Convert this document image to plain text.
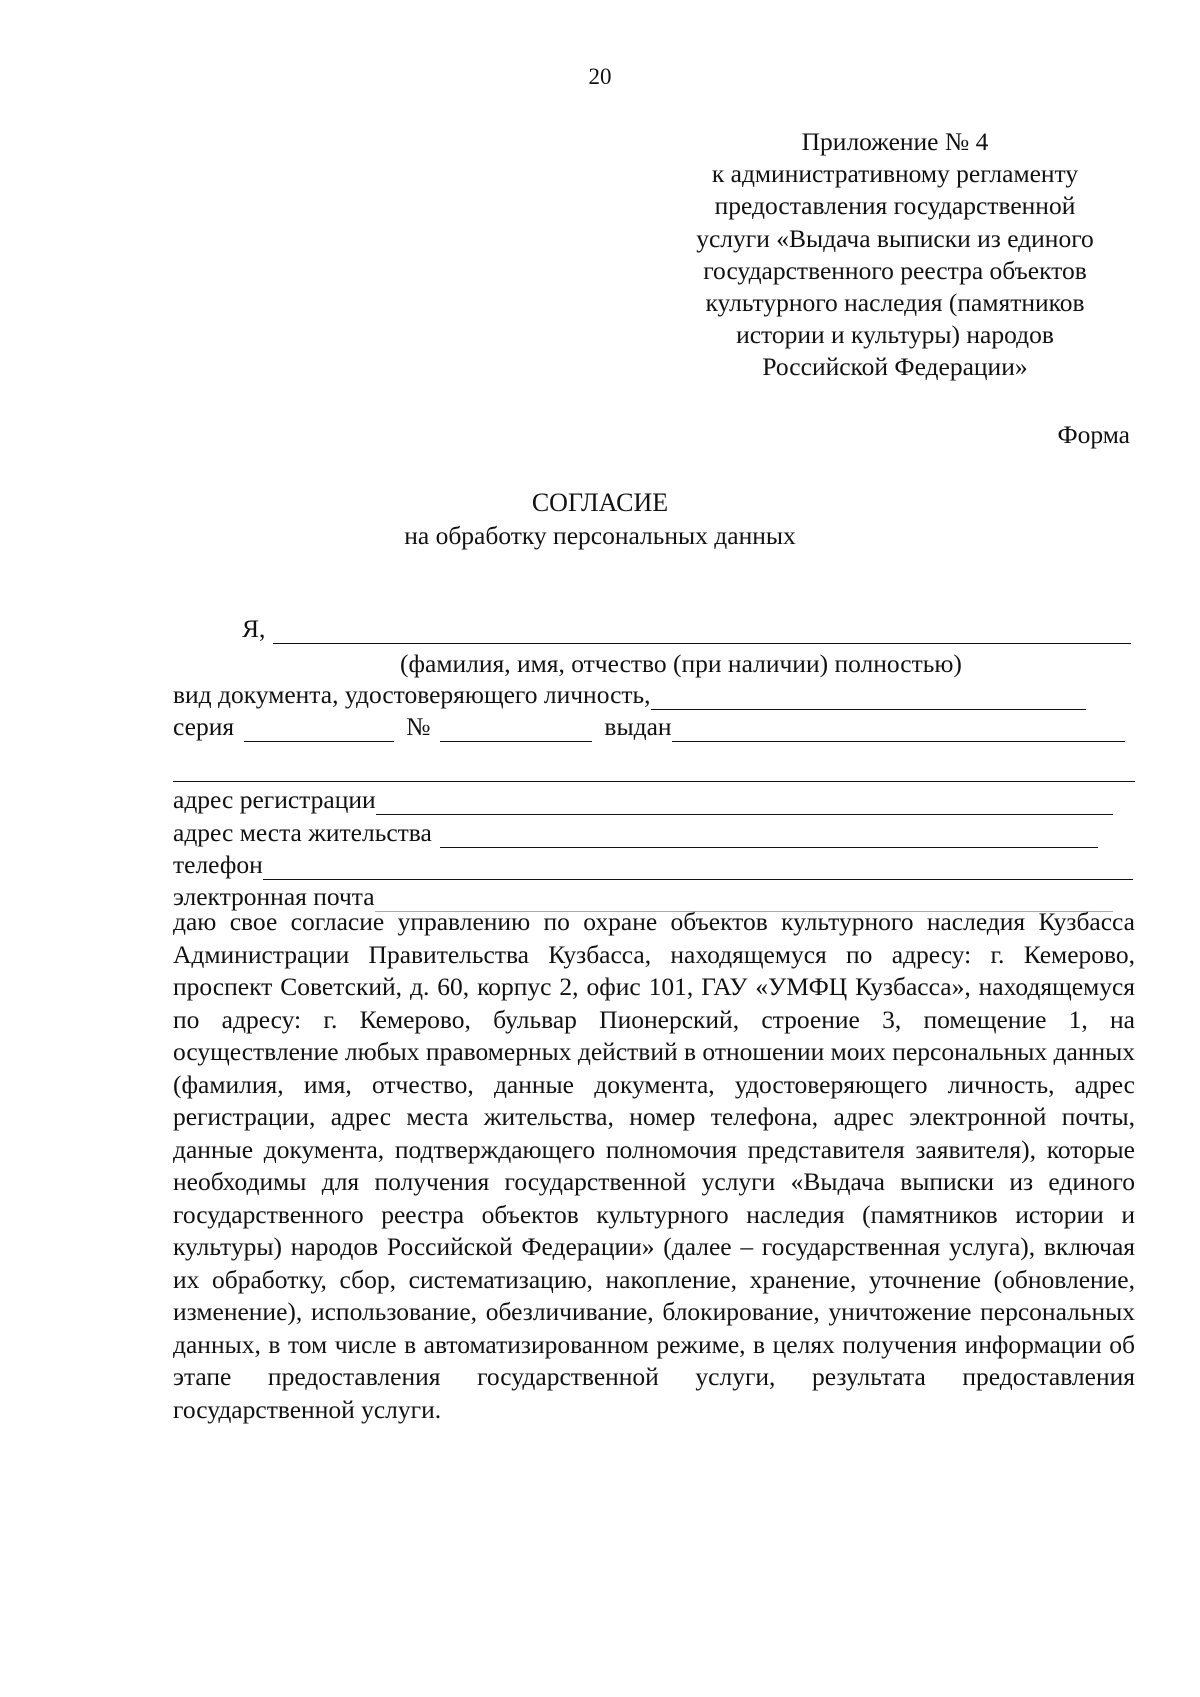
20
Приложение № 4
к административному регламенту
предоставления государственной
услуги «Выдача выписки из единого
государственного реестра объектов
культурного наследия (памятников
истории и культуры) народов
Российской Федерации»
Форма
СОГЛАСИЕ
на обработку персональных данных
Я,
(фамилия, имя, отчество (при наличии) полностью)
вид документа, удостоверяющего личность,
серия	№	выдан
адрес регистрации
адрес места жительства
телефон
электронная почта

даю свое согласие управлению по охране объектов культурного наследия Кузбасса Администрации Правительства Кузбасса, находящемуся по адресу: г. Кемерово, проспект Советский, д. 60, корпус 2, офис 101, ГАУ «УМФЦ Кузбасса», находящемуся по адресу: г. Кемерово, бульвар Пионерский, строение 3, помещение 1, на осуществление любых правомерных действий в отношении моих персональных данных (фамилия, имя, отчество, данные документа, удостоверяющего личность, адрес регистрации, адрес места жительства, номер телефона, адрес электронной почты, данные документа, подтверждающего полномочия представителя заявителя), которые необходимы для получения государственной услуги «Выдача выписки из единого государственного реестра объектов культурного наследия (памятников истории и культуры) народов Российской Федерации» (далее – государственная услуга), включая их обработку, сбор, систематизацию, накопление, хранение, уточнение (обновление, изменение), использование, обезличивание, блокирование, уничтожение персональных данных, в том числе в автоматизированном режиме, в целях получения информации об этапе предоставления государственной услуги, результата предоставления государственной услуги.
